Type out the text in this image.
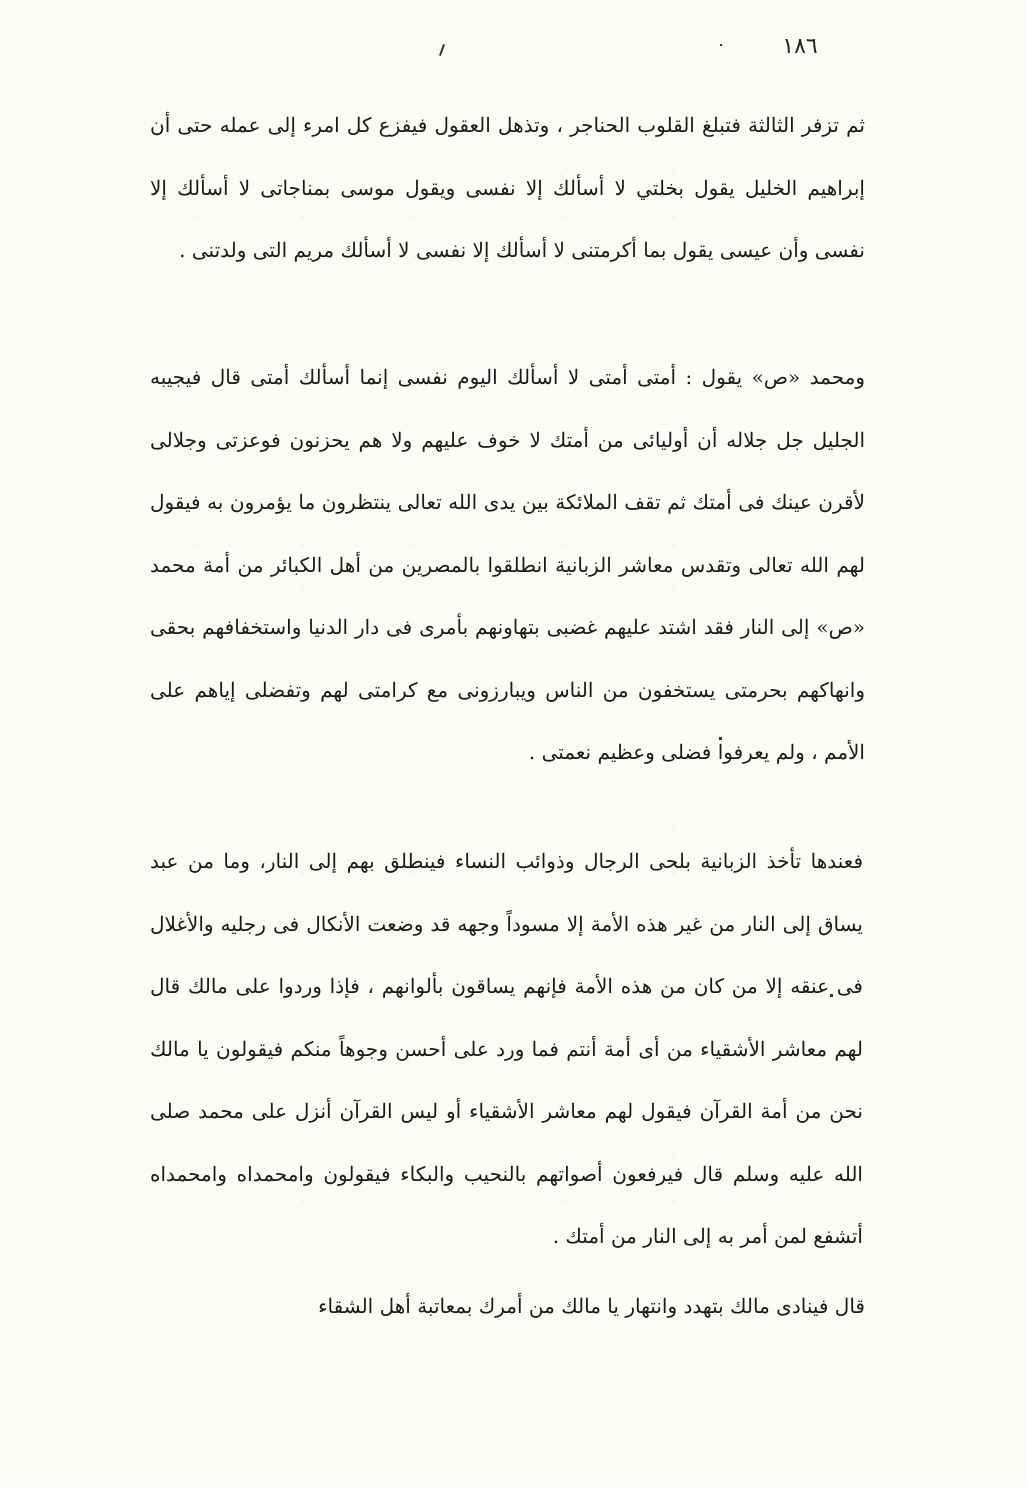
١٨٦

ثم تزفر الثالثة فتبلغ القلوب الحناجر ، وتذهل العقول فيفزع كل امرء إلى عمله حتى أن إبراهيم الخليل يقول بخلتي لا أسألك إلا نفسى ويقول موسى بمناجاتى لا أسألك إلا نفسى وأن عيسى يقول بما أكرمتنى لا أسألك إلا نفسى لا أسألك مريم التى ولدتنى .

ومحمد «ص» يقول : أمتى أمتى لا أسألك اليوم نفسى إنما أسألك أمتى قال فيجيبه الجليل جل جلاله أن أوليائى من أمتك لا خوف عليهم ولا هم يحزنون فوعزتى وجلالى لأقرن عينك فى أمتك ثم تقف الملائكة بين يدى الله تعالى ينتظرون ما يؤمرون به فيقول لهم الله تعالى وتقدس معاشر الزبانية انطلقوا بالمصرين من أهل الكبائر من أمة محمد «ص» إلى النار فقد اشتد عليهم غضبى بتهاونهم بأمرى فى دار الدنيا واستخفافهم بحقى وانهاكهم بحرمتى يستخفون من الناس ويبارزونى مع كرامتى لهم وتفضلى إياهم على الأمم ، ولم يعرفوا فضلى وعظيم نعمتى .

فعندها تأخذ الزبانية بلحى الرجال وذوائب النساء فينطلق بهم إلى النار، وما من عبد يساق إلى النار من غير هذه الأمة إلا مسوداً وجهه قد وضعت الأنكال فى رجليه والأغلال فى عنقه إلا من كان من هذه الأمة فإنهم يساقون بألوانهم ، فإذا وردوا على مالك قال لهم معاشر الأشقياء من أى أمة أنتم فما ورد على أحسن وجوهاً منكم فيقولون يا مالك نحن من أمة القرآن فيقول لهم معاشر الأشقياء أو ليس القرآن أنزل على محمد صلى الله عليه وسلم قال فيرفعون أصواتهم بالنحيب والبكاء فيقولون وامحمداه وامحمداه أتشفع لمن أمر به إلى النار من أمتك .

قال فينادى مالك بتهدد وانتهار يا مالك من أمرك بمعاتبة أهل الشقاء
